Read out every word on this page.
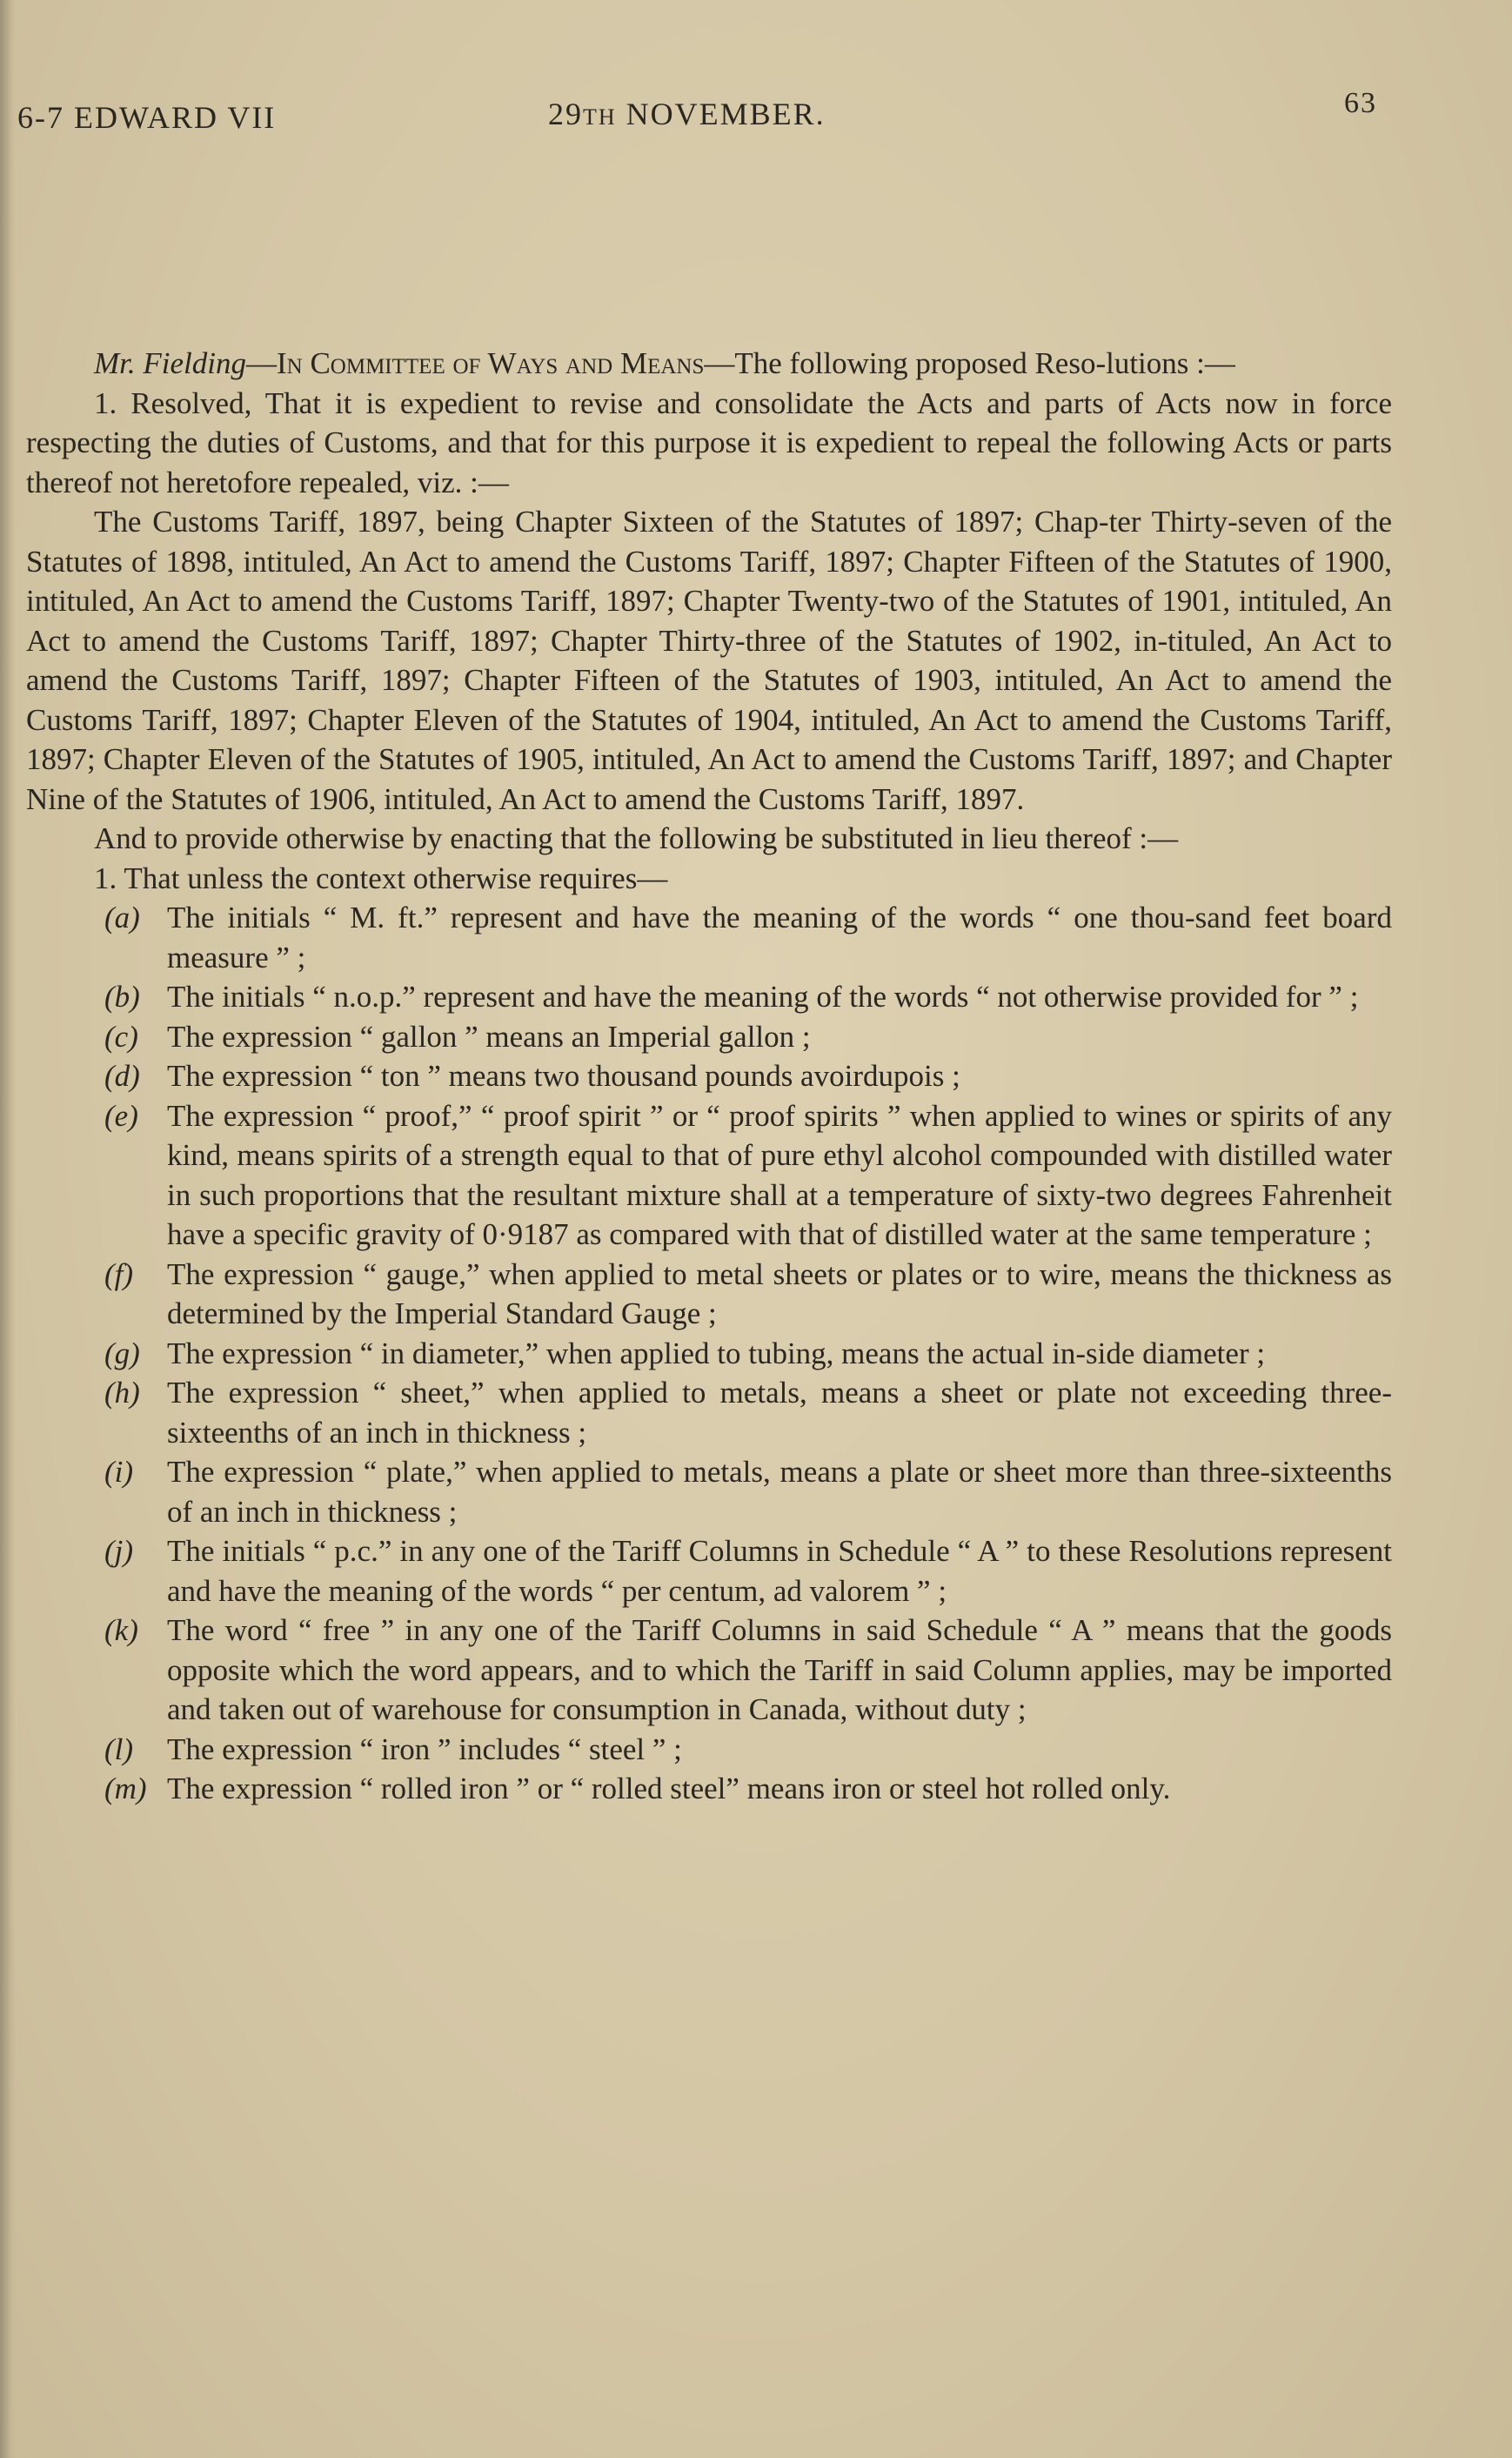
6-7 EDWARD VII	29TH NOVEMBER.	63

Mr. Fielding—In Committee of Ways and Means—The following proposed Reso-lutions :—

1. Resolved, That it is expedient to revise and consolidate the Acts and parts of Acts now in force respecting the duties of Customs, and that for this purpose it is expedient to repeal the following Acts or parts thereof not heretofore repealed, viz. :—

The Customs Tariff, 1897, being Chapter Sixteen of the Statutes of 1897; Chap-ter Thirty-seven of the Statutes of 1898, intituled, An Act to amend the Customs Tariff, 1897; Chapter Fifteen of the Statutes of 1900, intituled, An Act to amend the Customs Tariff, 1897; Chapter Twenty-two of the Statutes of 1901, intituled, An Act to amend the Customs Tariff, 1897; Chapter Thirty-three of the Statutes of 1902, in-tituled, An Act to amend the Customs Tariff, 1897; Chapter Fifteen of the Statutes of 1903, intituled, An Act to amend the Customs Tariff, 1897; Chapter Eleven of the Statutes of 1904, intituled, An Act to amend the Customs Tariff, 1897; Chapter Eleven of the Statutes of 1905, intituled, An Act to amend the Customs Tariff, 1897; and Chapter Nine of the Statutes of 1906, intituled, An Act to amend the Customs Tariff, 1897.

And to provide otherwise by enacting that the following be substituted in lieu thereof :—

1. That unless the context otherwise requires—

(a) The initials “ M. ft.” represent and have the meaning of the words “ one thou-sand feet board measure ” ;
(b) The initials “ n.o.p.” represent and have the meaning of the words “ not otherwise provided for ” ;
(c) The expression “ gallon ” means an Imperial gallon ;
(d) The expression “ ton ” means two thousand pounds avoirdupois ;
(e) The expression “ proof,” “ proof spirit ” or “ proof spirits ” when applied to wines or spirits of any kind, means spirits of a strength equal to that of pure ethyl alcohol compounded with distilled water in such proportions that the resultant mixture shall at a temperature of sixty-two degrees Fahrenheit have a specific gravity of 0·9187 as compared with that of distilled water at the same temperature ;
(f)	The expression “ gauge,” when applied to metal sheets or plates or to wire, means the thickness as determined by the Imperial Standard Gauge ;
(g) The expression “ in diameter,” when applied to tubing, means the actual in-side diameter ;
(h) The expression “ sheet,” when applied to metals, means a sheet or plate not exceeding three-sixteenths of an inch in thickness ;
(i)	The expression “ plate,” when applied to metals, means a plate or sheet more than three-sixteenths of an inch in thickness ;
(j)	The initials “ p.c.” in any one of the Tariff Columns in Schedule “ A ” to these Resolutions represent and have the meaning of the words “ per centum, ad valorem ” ;
(k) The word “ free ” in any one of the Tariff Columns in said Schedule “ A ” means that the goods opposite which the word appears, and to which the Tariff in said Column applies, may be imported and taken out of warehouse for consumption in Canada, without duty ;
(l)	The expression “ iron ” includes “ steel ” ;
(m) The expression “ rolled iron ” or “ rolled steel” means iron or steel hot rolled only.
